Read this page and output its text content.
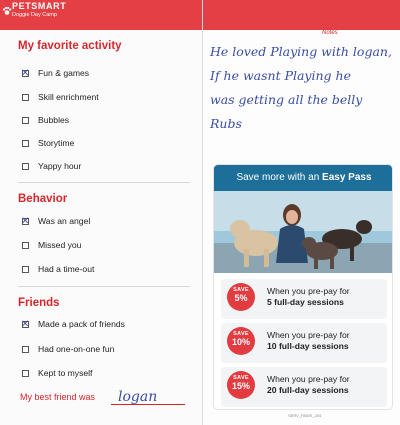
PETSMART
Doggie Day Camp
My favorite activity
✕ Fun & games
Skill enrichment
Bubbles
Storytime
Yappy hour
Behavior
✕ Was an angel
Missed you
Had a time-out
Friends
✕ Made a pack of friends
Had one-on-one fun
Kept to myself
My best friend was logan
Notes
He loved Playing with logan,
If he wasnt Playing he
was getting all the belly
Rubs
Save more with an Easy Pass
SAVE
5%
When you pre-pay for
5 full-day sessions
SAVE
10%
When you pre-pay for
10 full-day sessions
SAVE
15%
When you pre-pay for
20 full-day sessions
SERV_PAWS_204
